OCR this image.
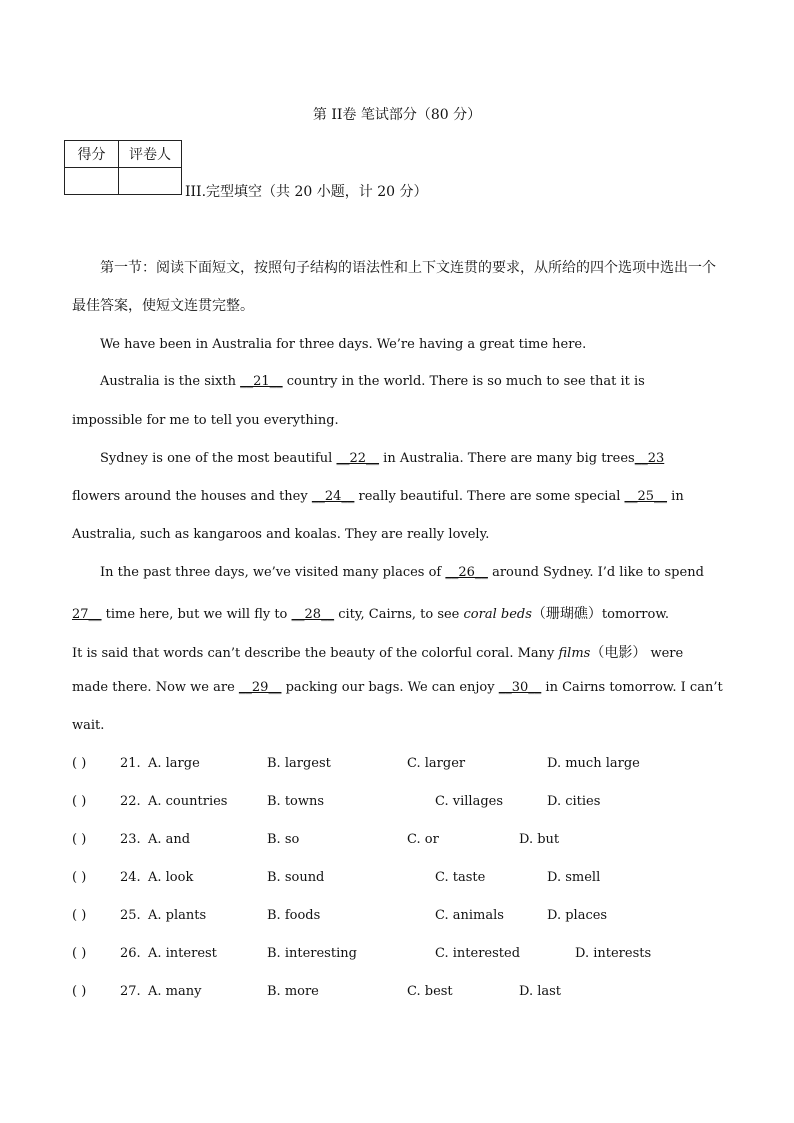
第 II卷 笔试部分（80 分）
得分	评卷人

III.完型填空（共 20 小题，计 20 分）
第一节：阅读下面短文，按照句子结构的语法性和上下文连贯的要求，从所给的四个选项中选出一个

最佳答案，使短文连贯完整。
We have been in Australia for three days. We’re having a great time here.
Australia is the sixth __21__ country in the world. There is so much to see that it is
impossible for me to tell you everything.
Sydney is one of the most beautiful __22__ in Australia. There are many big trees__23
flowers around the houses and they __24__ really beautiful. There are some special __25__ in
Australia, such as kangaroos and koalas. They are really lovely.
In the past three days, we’ve visited many places of __26__ around Sydney. I’d like to spend
27__ time here, but we will fly to __28__ city, Cairns, to see coral beds（珊瑚礁）tomorrow.
It is said that words can’t describe the beauty of the colorful coral. Many films（电影） were
made there. Now we are __29__ packing our bags. We can enjoy __30__ in Cairns tomorrow. I can’t
wait.
( )	21. A. large	B. largest	C. larger	D. much large
( )	22. A. countries	B. towns	C. villages	D. cities
( )	23. A. and	B. so	C. or	D. but
( )	24. A. look	B. sound	C. taste	D. smell
( )	25. A. plants	B. foods	C. animals	D. places
( )	26. A. interest	B. interesting	C. interested	D. interests
( )	27. A. many	B. more	C. best	D. last
